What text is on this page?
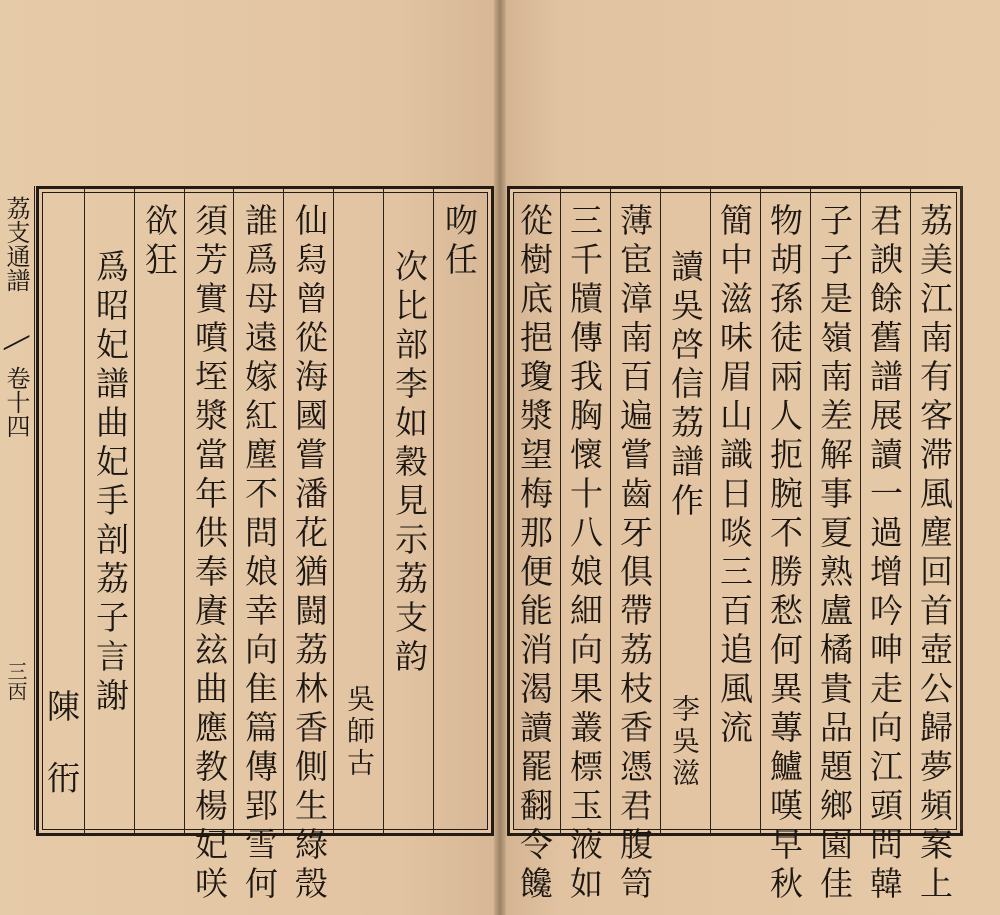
荔支通譜
╲
卷十四
三㐁
吻任
次比部李如穀見示荔支韵
吳師古
仙舄曾從海國嘗潘花猶闘荔林香側生綠殼
誰爲母遠嫁紅塵不問娘幸向隹篇傳郢雪何
須芳實噴垤漿當年供奉賡玆曲應教楊妃咲
欲狂
爲昭妃譜曲妃手剖荔子言謝
陳 衎	荔美江南有客滞風塵回首壺公歸夢頻案上
君諛餘舊譜展讀一過增吟呻走向江頭問韓
子子是嶺南差解事夏熟盧橘貴品題鄉園佳
物胡孫徒兩人扼腕不勝愁何異蓴鱸嘆早秋
簡中滋味眉山識日啖三百追風流
讀吳啓信荔譜作
李吳滋
薄宦漳南百遍嘗齒牙俱帶荔枝香憑君腹笥
三千牘傳我胸懷十八娘細向果叢標玉液如
從樹底挹瓊漿望梅那便能消渴讀罷翻令饞
